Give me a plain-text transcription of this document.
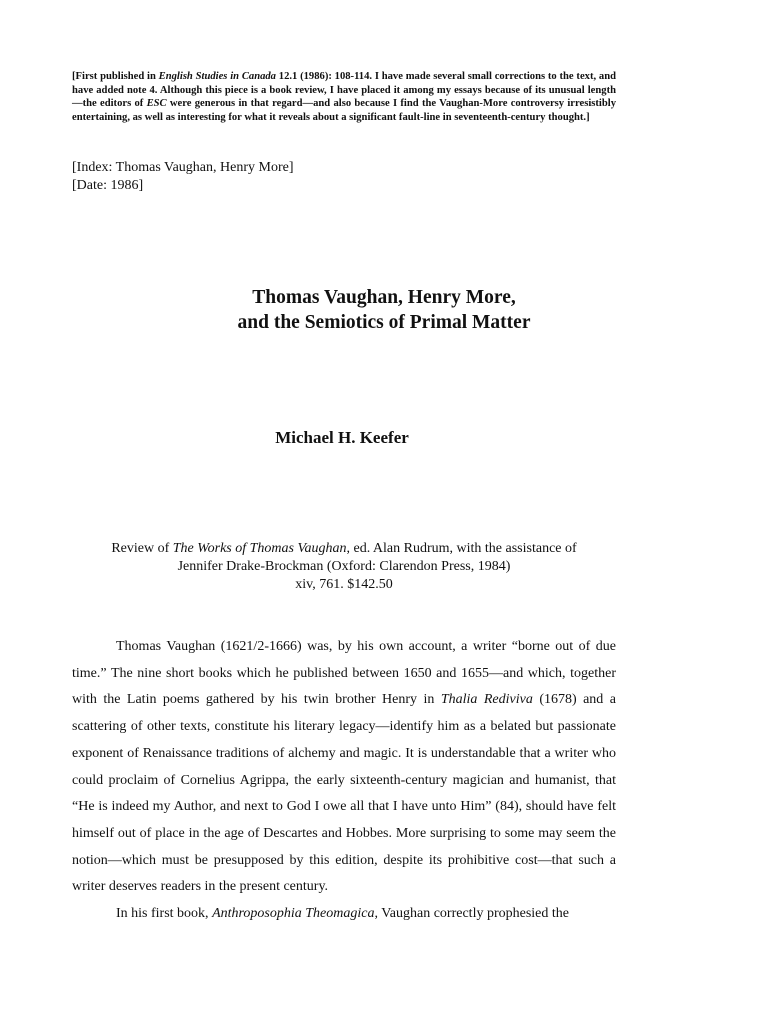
[First published in English Studies in Canada 12.1 (1986): 108-114. I have made several small corrections to the text, and have added note 4. Although this piece is a book review, I have placed it among my essays because of its unusual length—the editors of ESC were generous in that regard—and also because I find the Vaughan-More controversy irresistibly entertaining, as well as interesting for what it reveals about a significant fault-line in seventeenth-century thought.]
[Index: Thomas Vaughan, Henry More]
[Date: 1986]
Thomas Vaughan, Henry More,
and the Semiotics of Primal Matter
Michael H. Keefer
Review of The Works of Thomas Vaughan, ed. Alan Rudrum, with the assistance of
Jennifer Drake-Brockman (Oxford: Clarendon Press, 1984)
xiv, 761. $142.50

Thomas Vaughan (1621/2-1666) was, by his own account, a writer “borne out of due time.” The nine short books which he published between 1650 and 1655—and which, together with the Latin poems gathered by his twin brother Henry in Thalia Rediviva (1678) and a scattering of other texts, constitute his literary legacy—identify him as a belated but passionate exponent of Renaissance traditions of alchemy and magic. It is understandable that a writer who could proclaim of Cornelius Agrippa, the early sixteenth-century magician and humanist, that “He is indeed my Author, and next to God I owe all that I have unto Him” (84), should have felt himself out of place in the age of Descartes and Hobbes. More surprising to some may seem the notion—which must be presupposed by this edition, despite its prohibitive cost—that such a writer deserves readers in the present century.

In his first book, Anthroposophia Theomagica, Vaughan correctly prophesied the
